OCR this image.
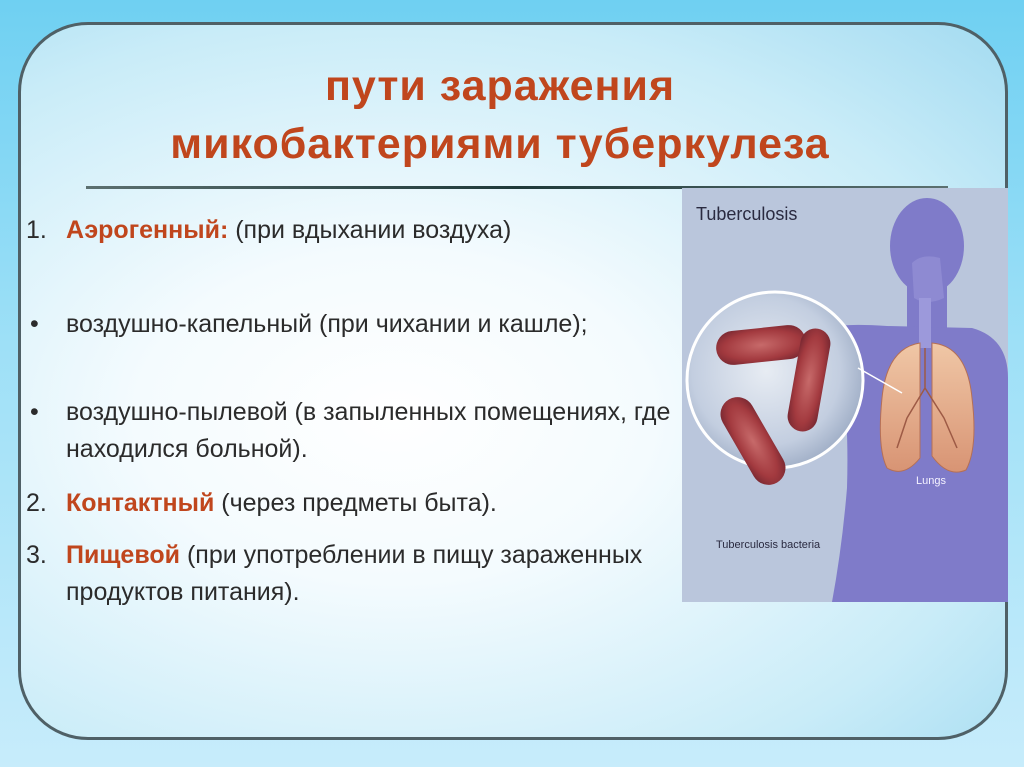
пути заражения
микобактериями туберкулеза
1. Аэрогенный: (при вдыхании воздуха)
• воздушно-капельный (при чихании и кашле);
• воздушно-пылевой (в запыленных помещениях, где находился больной).
2. Контактный (через предметы быта).
3. Пищевой (при употреблении в пищу зараженных продуктов питания).
Tuberculosis
Lungs
Tuberculosis bacteria
